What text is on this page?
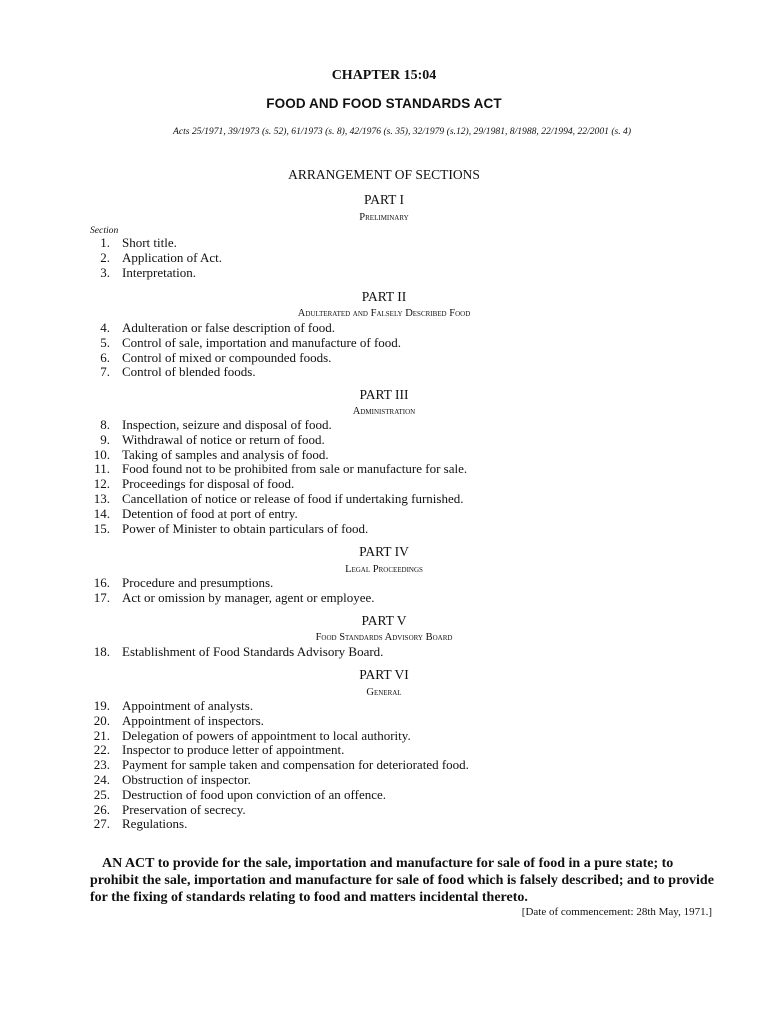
CHAPTER 15:04
FOOD AND FOOD STANDARDS ACT
Acts 25/1971, 39/1973 (s. 52), 61/1973 (s. 8), 42/1976 (s. 35), 32/1979 (s.12), 29/1981, 8/1988, 22/1994, 22/2001 (s. 4)
ARRANGEMENT OF SECTIONS
PART I
Preliminary
Section
1. Short title.
2. Application of Act.
3. Interpretation.
PART II
Adulterated and Falsely Described Food
4. Adulteration or false description of food.
5. Control of sale, importation and manufacture of food.
6. Control of mixed or compounded foods.
7. Control of blended foods.
PART III
Administration
8. Inspection, seizure and disposal of food.
9. Withdrawal of notice or return of food.
10. Taking of samples and analysis of food.
11. Food found not to be prohibited from sale or manufacture for sale.
12. Proceedings for disposal of food.
13. Cancellation of notice or release of food if undertaking furnished.
14. Detention of food at port of entry.
15. Power of Minister to obtain particulars of food.
PART IV
Legal Proceedings
16. Procedure and presumptions.
17. Act or omission by manager, agent or employee.
PART V
Food Standards Advisory Board
18. Establishment of Food Standards Advisory Board.
PART VI
General
19. Appointment of analysts.
20. Appointment of inspectors.
21. Delegation of powers of appointment to local authority.
22. Inspector to produce letter of appointment.
23. Payment for sample taken and compensation for deteriorated food.
24. Obstruction of inspector.
25. Destruction of food upon conviction of an offence.
26. Preservation of secrecy.
27. Regulations.
AN ACT to provide for the sale, importation and manufacture for sale of food in a pure state; to prohibit the sale, importation and manufacture for sale of food which is falsely described; and to provide for the fixing of standards relating to food and matters incidental thereto.
[Date of commencement: 28th May, 1971.]
